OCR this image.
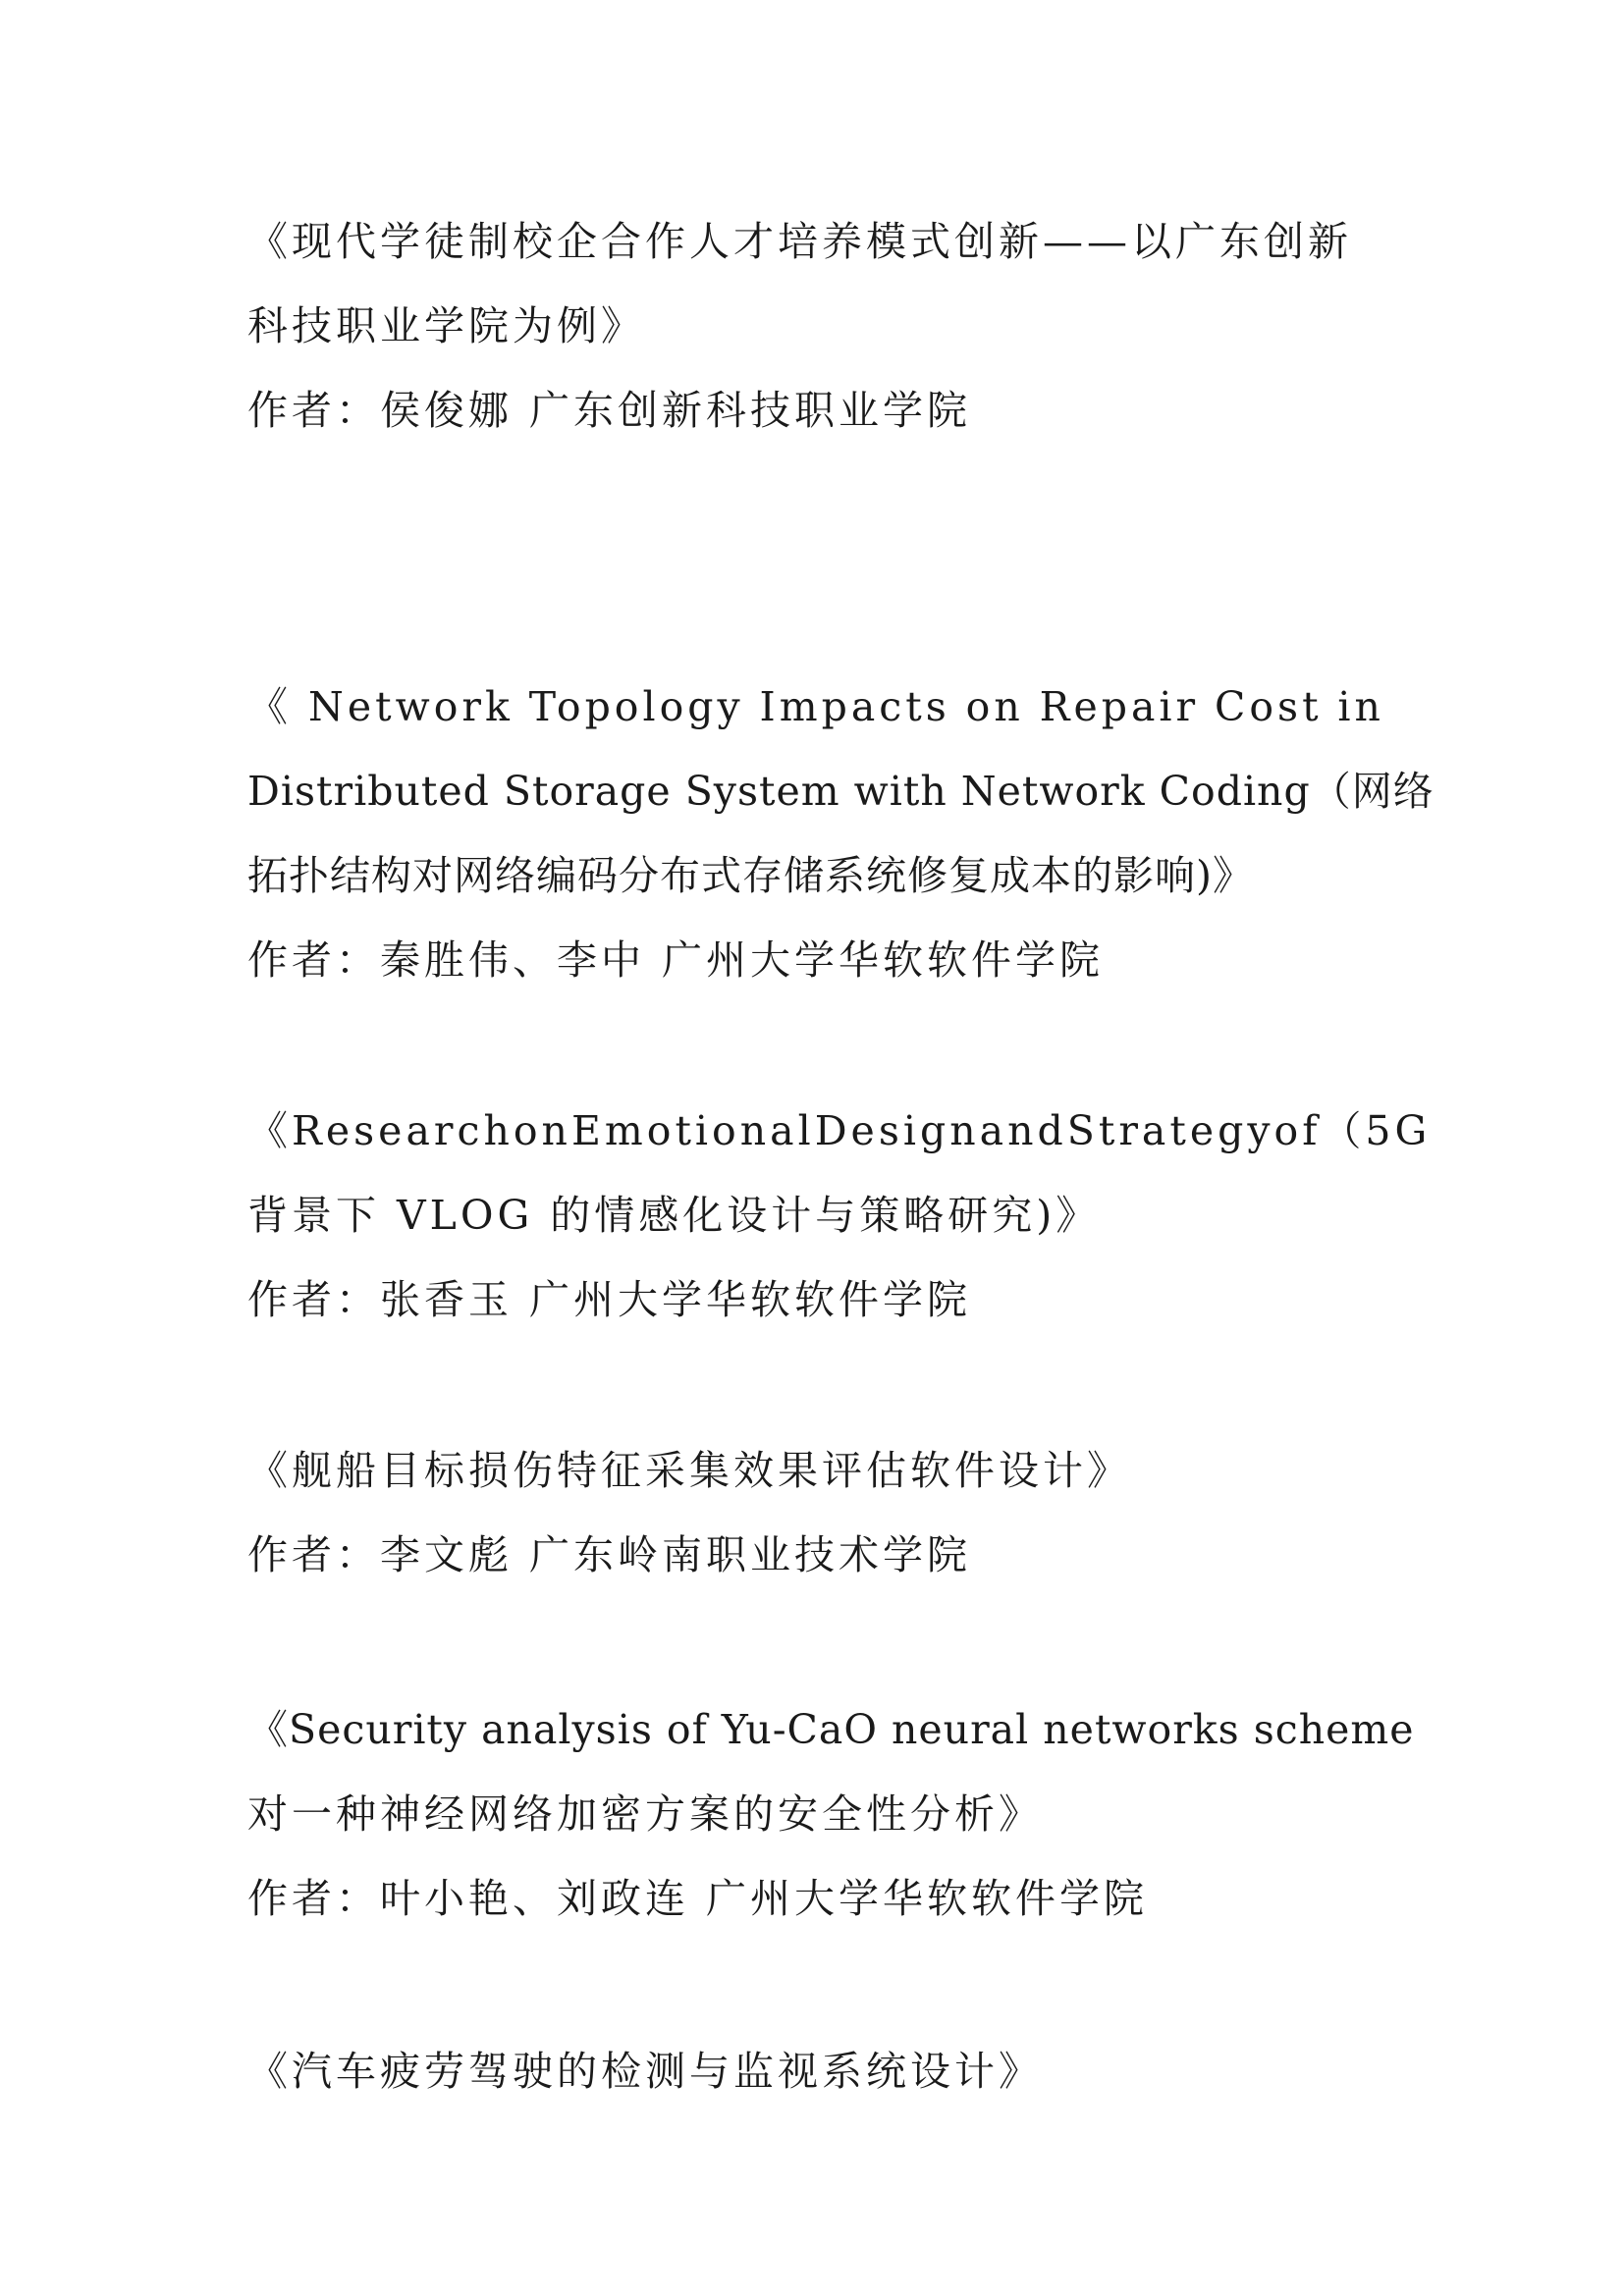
《现代学徒制校企合作人才培养模式创新——以广东创新
科技职业学院为例》
作者：侯俊娜 广东创新科技职业学院
《 Network Topology Impacts on Repair Cost in
Distributed Storage System with Network Coding（网络
拓扑结构对网络编码分布式存储系统修复成本的影响)》
作者：秦胜伟、李中 广州大学华软软件学院
《Research on Emotional Design and Strategy of （5G
背景下 VLOG 的情感化设计与策略研究)》
作者：张香玉 广州大学华软软件学院
《舰船目标损伤特征采集效果评估软件设计》
作者：李文彪 广东岭南职业技术学院
《Security analysis of Yu-CaO neural networks scheme
对一种神经网络加密方案的安全性分析》
作者：叶小艳、刘政连 广州大学华软软件学院
《汽车疲劳驾驶的检测与监视系统设计》
